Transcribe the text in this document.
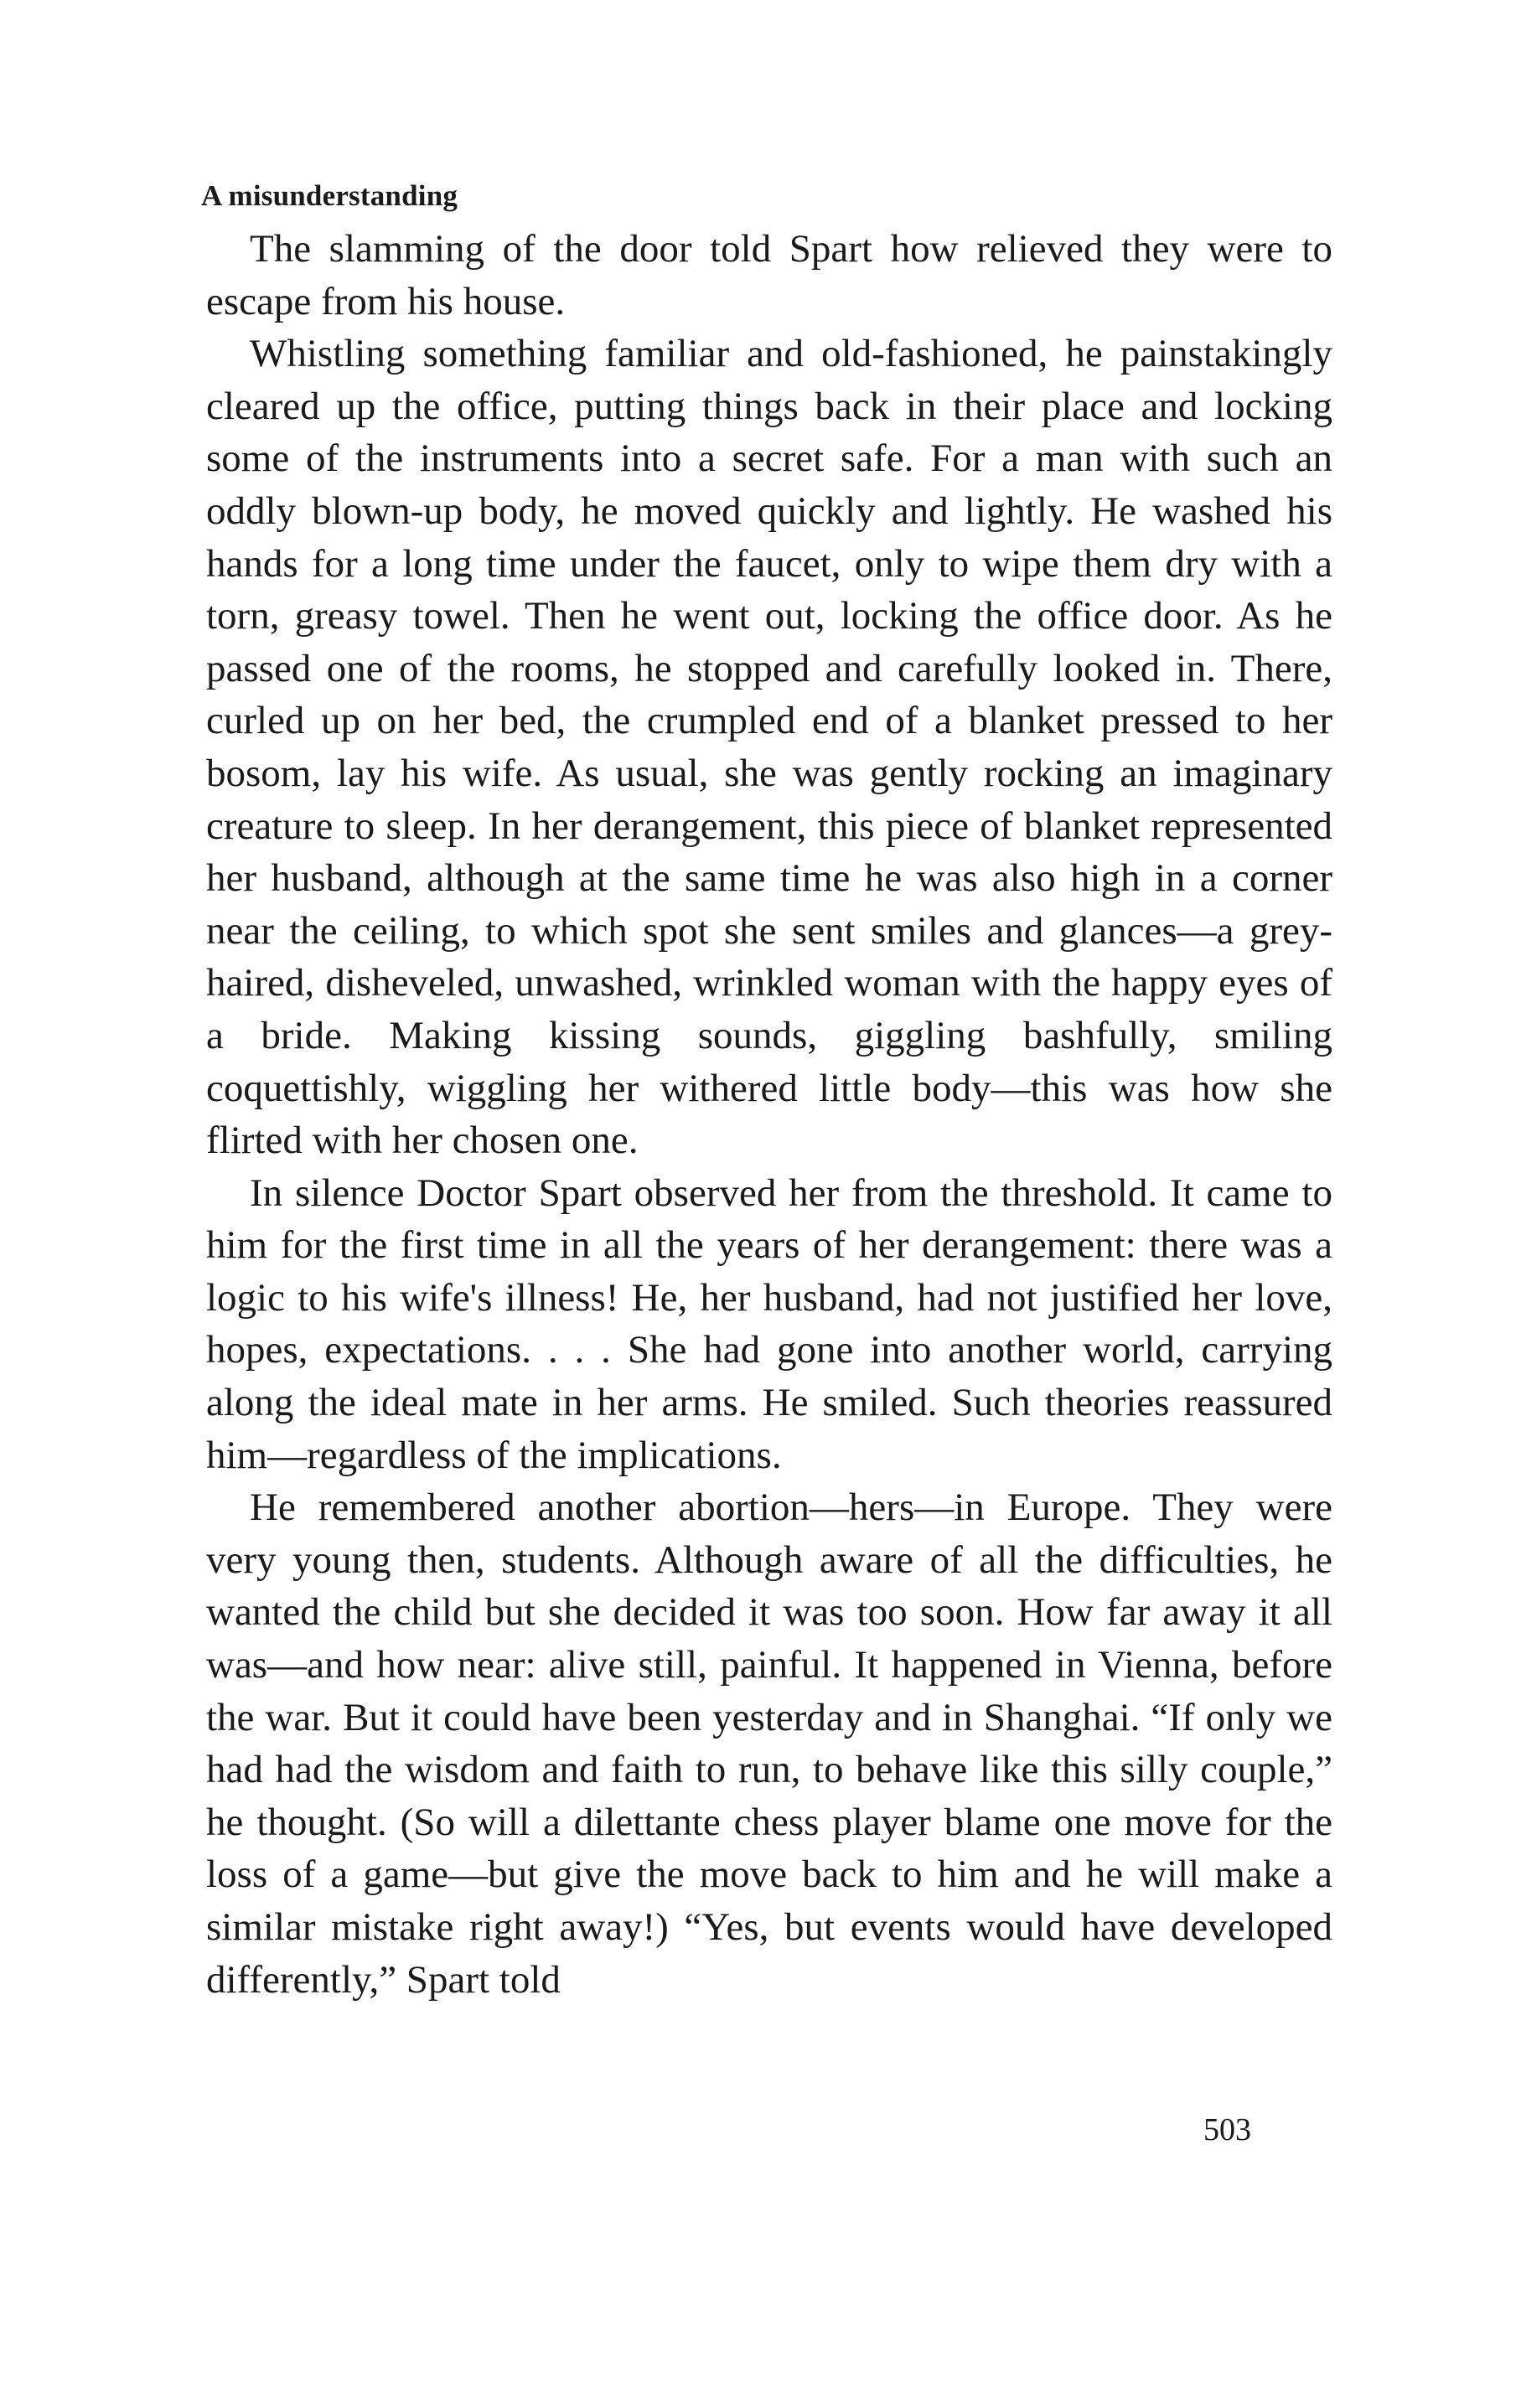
A misunderstanding

The slamming of the door told Spart how relieved they were to escape from his house.

Whistling something familiar and old-fashioned, he painstakingly cleared up the office, putting things back in their place and locking some of the instruments into a secret safe. For a man with such an oddly blown-up body, he moved quickly and lightly. He washed his hands for a long time under the faucet, only to wipe them dry with a torn, greasy towel. Then he went out, locking the office door. As he passed one of the rooms, he stopped and carefully looked in. There, curled up on her bed, the crumpled end of a blanket pressed to her bosom, lay his wife. As usual, she was gently rocking an imaginary creature to sleep. In her derangement, this piece of blanket represented her husband, although at the same time he was also high in a corner near the ceiling, to which spot she sent smiles and glances—a grey-haired, disheveled, unwashed, wrinkled woman with the happy eyes of a bride. Making kissing sounds, giggling bashfully, smiling coquettishly, wiggling her withered little body—this was how she flirted with her chosen one.

In silence Doctor Spart observed her from the threshold. It came to him for the first time in all the years of her derangement: there was a logic to his wife's illness! He, her husband, had not justified her love, hopes, expectations. . . . She had gone into another world, carrying along the ideal mate in her arms. He smiled. Such theories reassured him—regardless of the implications.

He remembered another abortion—hers—in Europe. They were very young then, students. Although aware of all the difficulties, he wanted the child but she decided it was too soon. How far away it all was—and how near: alive still, painful. It happened in Vienna, before the war. But it could have been yesterday and in Shanghai. “If only we had had the wisdom and faith to run, to behave like this silly couple,” he thought. (So will a dilettante chess player blame one move for the loss of a game—but give the move back to him and he will make a similar mistake right away!) “Yes, but events would have developed differently,” Spart told

503
